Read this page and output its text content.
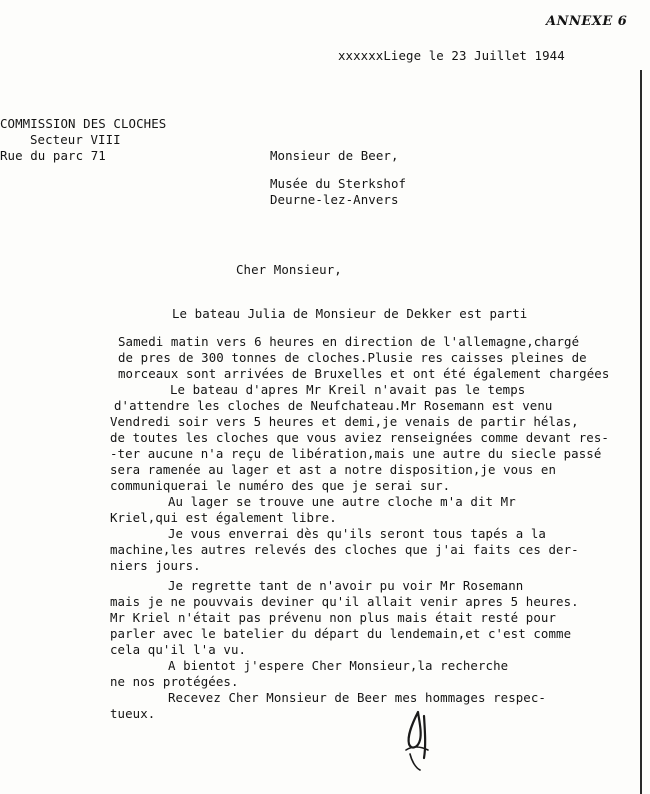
ANNEXE 6
xxxxxxLiege le 23 Juillet 1944
COMMISSION DES CLOCHES
Secteur VIII
Rue du parc 71	Monsieur de Beer,
Musée du Sterkshof
Deurne-lez-Anvers
Cher Monsieur,
Le bateau Julia de Monsieur de Dekker est parti
Samedi matin vers 6 heures en direction de l'allemagne,chargé
de pres de 300 tonnes de cloches.Plusie res caisses pleines de
morceaux sont arrivées de Bruxelles et ont été également chargées
Le bateau d'apres Mr Kreil n'avait pas le temps
d'attendre les cloches de Neufchateau.Mr Rosemann est venu
Vendredi soir vers 5 heures et demi,je venais de partir hélas,
de toutes les cloches que vous aviez renseignées comme devant res-
-ter aucune n'a reçu de libération,mais une autre du siecle passé
sera ramenée au lager et ast a notre disposition,je vous en
communiquerai le numéro des que je serai sur.
Au lager se trouve une autre cloche m'a dit Mr
Kriel,qui est également libre.
Je vous enverrai dès qu'ils seront tous tapés a la
machine,les autres relevés des cloches que j'ai faits ces der-
niers jours.
Je regrette tant de n'avoir pu voir Mr Rosemann
mais je ne pouvvais deviner qu'il allait venir apres 5 heures.
Mr Kriel n'était pas prévenu non plus mais était resté pour
parler avec le batelier du départ du lendemain,et c'est comme
cela qu'il l'a vu.
A bientot j'espere Cher Monsieur,la recherche
ne nos protégées.
Recevez Cher Monsieur de Beer mes hommages respec-
tueux.
